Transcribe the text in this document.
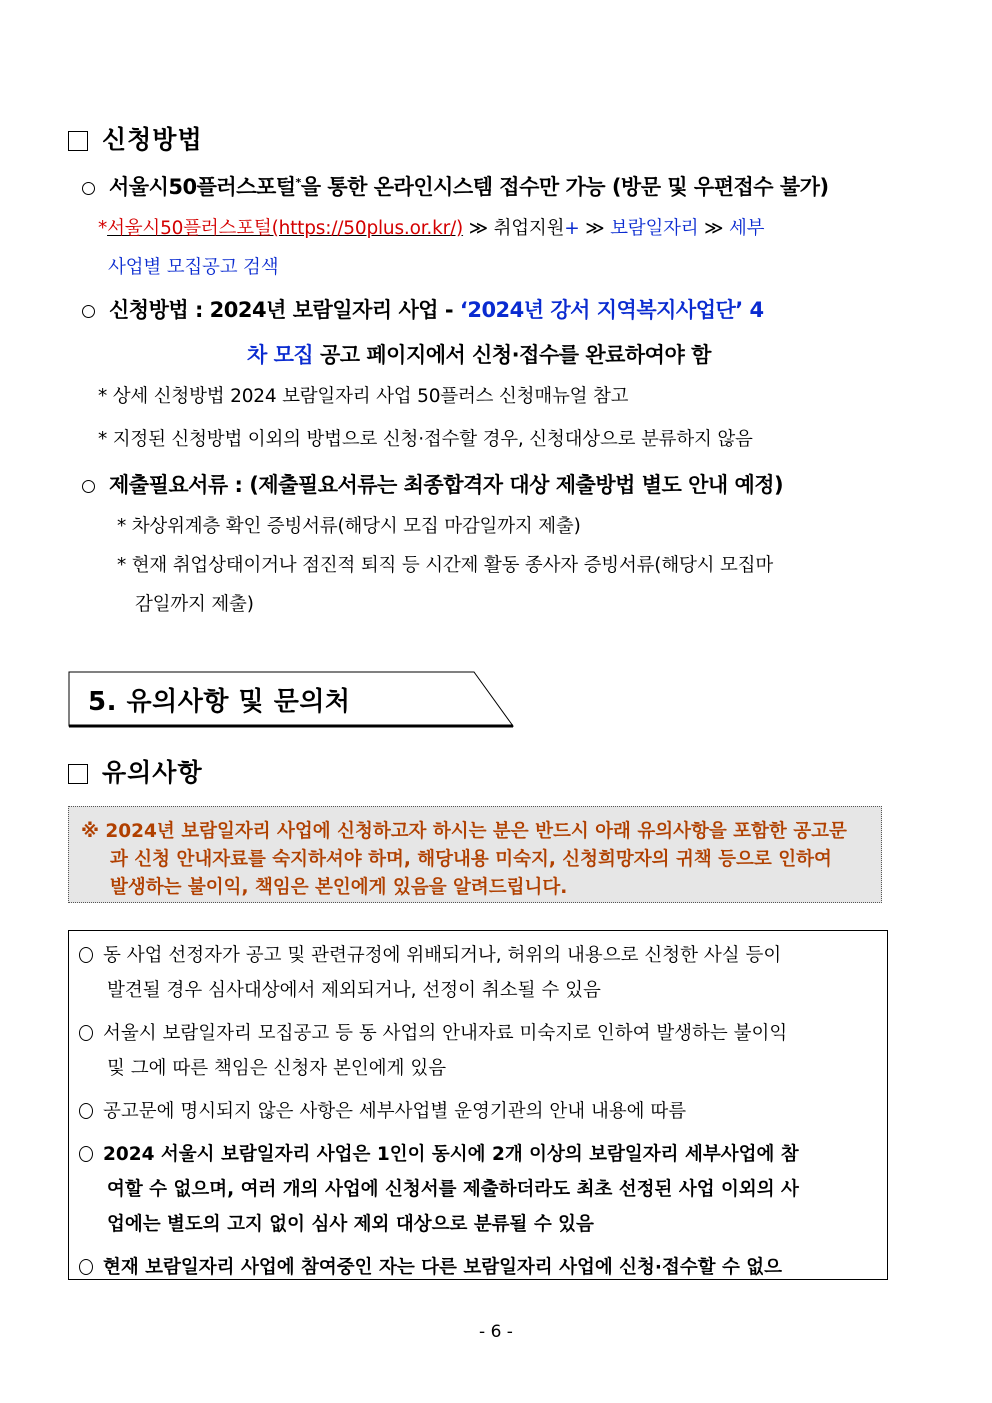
신청방법
서울시50플러스포털*을 통한 온라인시스템 접수만 가능 (방문 및 우편접수 불가)
*서울시50플러스포털(https://50plus.or.kr/) ≫ 취업지원+ ≫ 보람일자리 ≫ 세부
사업별 모집공고 검색
신청방법 : 2024년 보람일자리 사업 - ‘2024년 강서 지역복지사업단’ 4
차 모집 공고 페이지에서 신청·접수를 완료하여야 함
* 상세 신청방법 2024 보람일자리 사업 50플러스 신청매뉴얼 참고
* 지정된 신청방법 이외의 방법으로 신청·접수할 경우, 신청대상으로 분류하지 않음
제출필요서류 : (제출필요서류는 최종합격자 대상 제출방법 별도 안내 예정)
* 차상위계층 확인 증빙서류(해당시 모집 마감일까지 제출)
* 현재 취업상태이거나 점진적 퇴직 등 시간제 활동 종사자 증빙서류(해당시 모집마
감일까지 제출)
5. 유의사항 및 문의처
유의사항
※ 2024년 보람일자리 사업에 신청하고자 하시는 분은 반드시 아래 유의사항을 포함한 공고문
과 신청 안내자료를 숙지하셔야 하며, 해당내용 미숙지, 신청희망자의 귀책 등으로 인하여
발생하는 불이익, 책임은 본인에게 있음을 알려드립니다.
동 사업 선정자가 공고 및 관련규정에 위배되거나, 허위의 내용으로 신청한 사실 등이
발견될 경우 심사대상에서 제외되거나, 선정이 취소될 수 있음
서울시 보람일자리 모집공고 등 동 사업의 안내자료 미숙지로 인하여 발생하는 불이익
및 그에 따른 책임은 신청자 본인에게 있음
공고문에 명시되지 않은 사항은 세부사업별 운영기관의 안내 내용에 따름
2024 서울시 보람일자리 사업은 1인이 동시에 2개 이상의 보람일자리 세부사업에 참
여할 수 없으며, 여러 개의 사업에 신청서를 제출하더라도 최초 선정된 사업 이외의 사
업에는 별도의 고지 없이 심사 제외 대상으로 분류될 수 있음
현재 보람일자리 사업에 참여중인 자는 다른 보람일자리 사업에 신청·접수할 수 없으
- 6 -
